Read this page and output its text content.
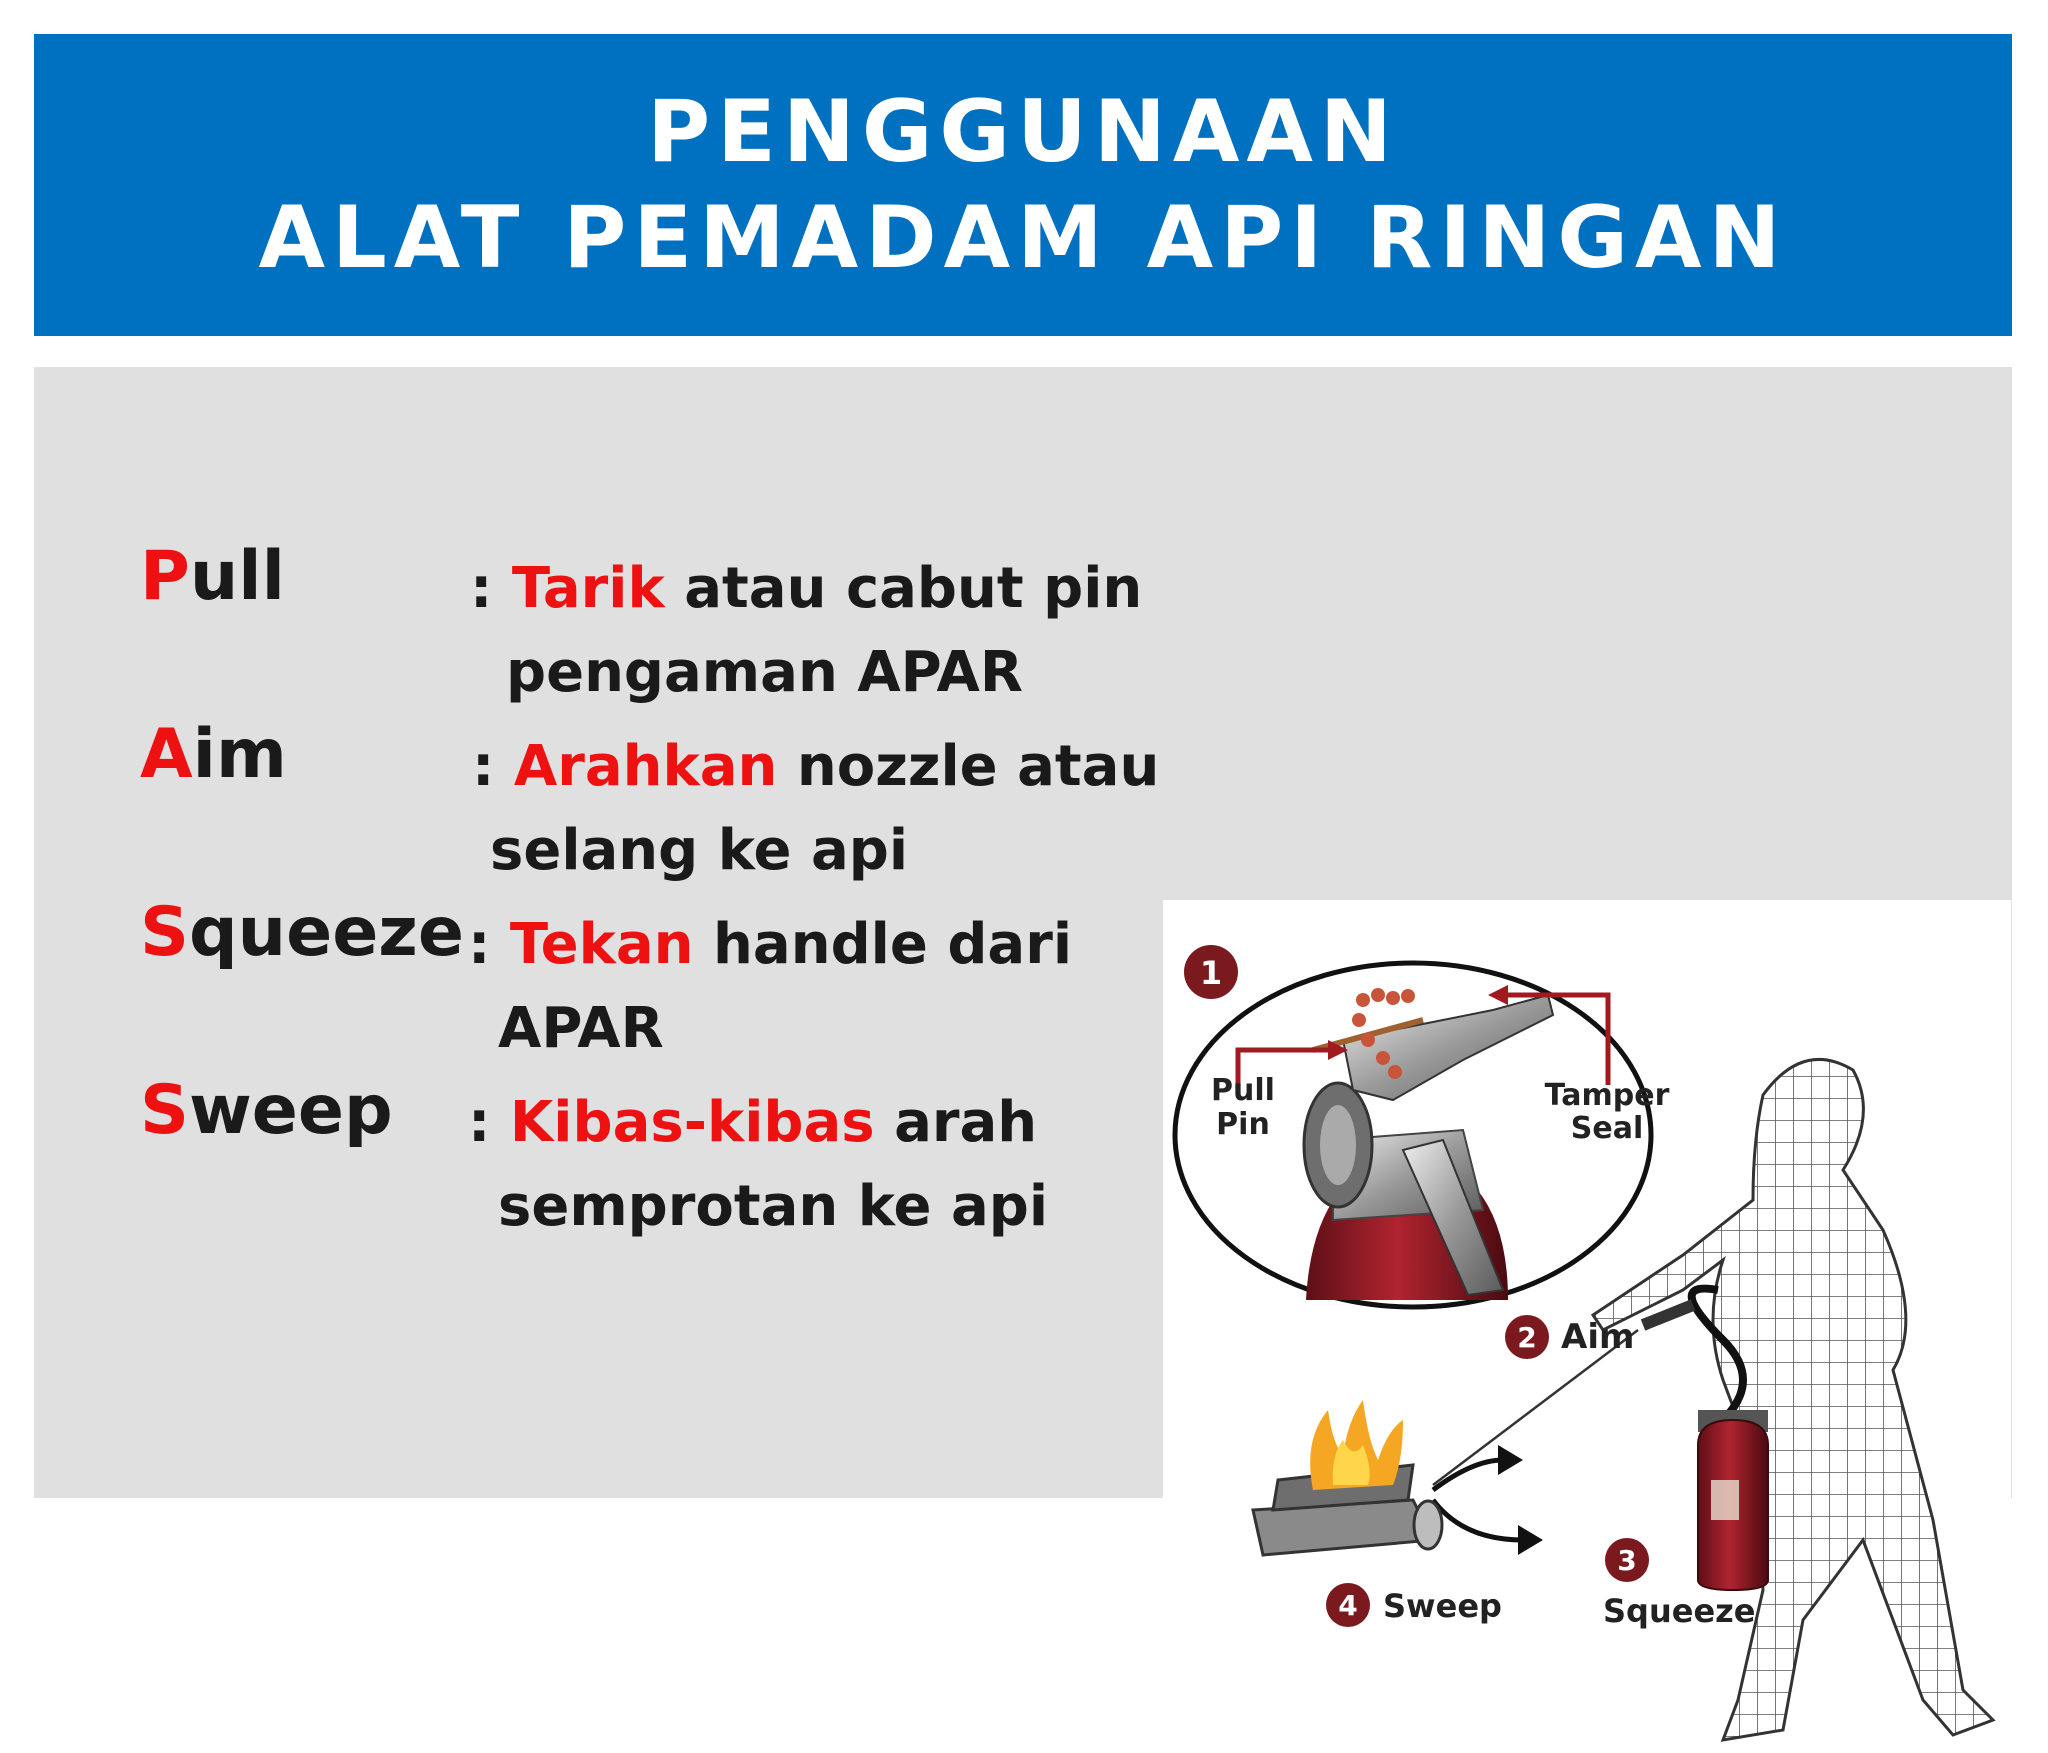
PENGGUNAAN
ALAT PEMADAM API RINGAN
Pull	: Tarik atau cabut pin
pengaman APAR
Aim	: Arahkan nozzle atau
selang ke api
Squeeze : Tekan handle dari
APAR
Sweep : Kibas-kibas arah
semprotan ke api
1
Pull
Pin
Tamper
Seal
2 Aim
3
Squeeze
4 Sweep
